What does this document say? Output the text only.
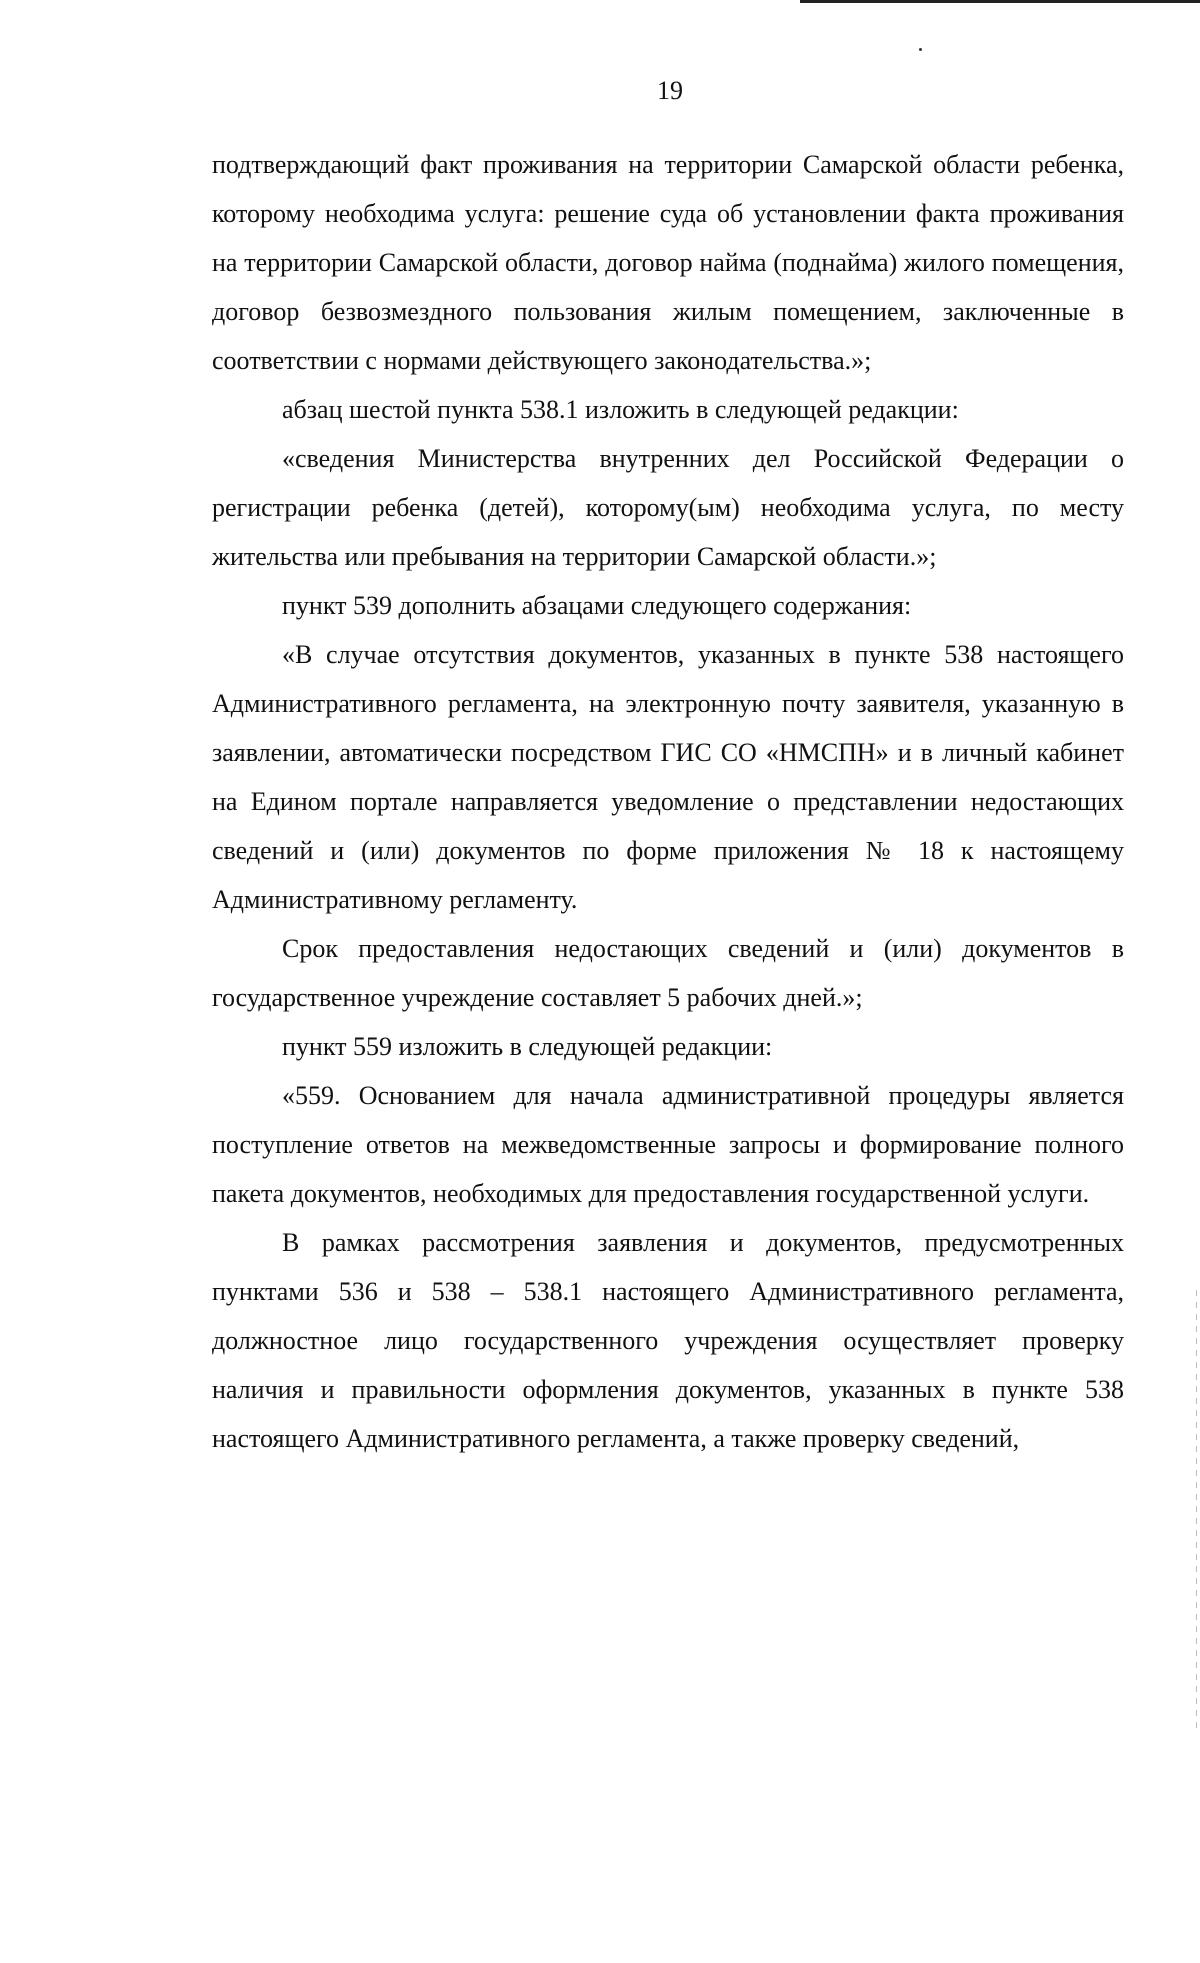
19

подтверждающий факт проживания на территории Самарской области ребенка, которому необходима услуга: решение суда об установлении факта проживания на территории Самарской области, договор найма (поднайма) жилого помещения, договор безвозмездного пользования жилым помещением, заключенные в соответствии с нормами действующего законодательства.»;

абзац шестой пункта 538.1 изложить в следующей редакции:

«сведения Министерства внутренних дел Российской Федерации о регистрации ребенка (детей), которому(ым) необходима услуга, по месту жительства или пребывания на территории Самарской области.»;

пункт 539 дополнить абзацами следующего содержания:

«В случае отсутствия документов, указанных в пункте 538 настоящего Административного регламента, на электронную почту заявителя, указанную в заявлении, автоматически посредством ГИС СО «НМСПН» и в личный кабинет на Едином портале направляется уведомление о представлении недостающих сведений и (или) документов по форме приложения № 18 к настоящему Административному регламенту.

Срок предоставления недостающих сведений и (или) документов в государственное учреждение составляет 5 рабочих дней.»;

пункт 559 изложить в следующей редакции:

«559. Основанием для начала административной процедуры является поступление ответов на межведомственные запросы и формирование полного пакета документов, необходимых для предоставления государственной услуги.

В рамках рассмотрения заявления и документов, предусмотренных пунктами 536 и 538 – 538.1 настоящего Административного регламента, должностное лицо государственного учреждения осуществляет проверку наличия и правильности оформления документов, указанных в пункте 538 настоящего Административного регламента, а также проверку сведений,
